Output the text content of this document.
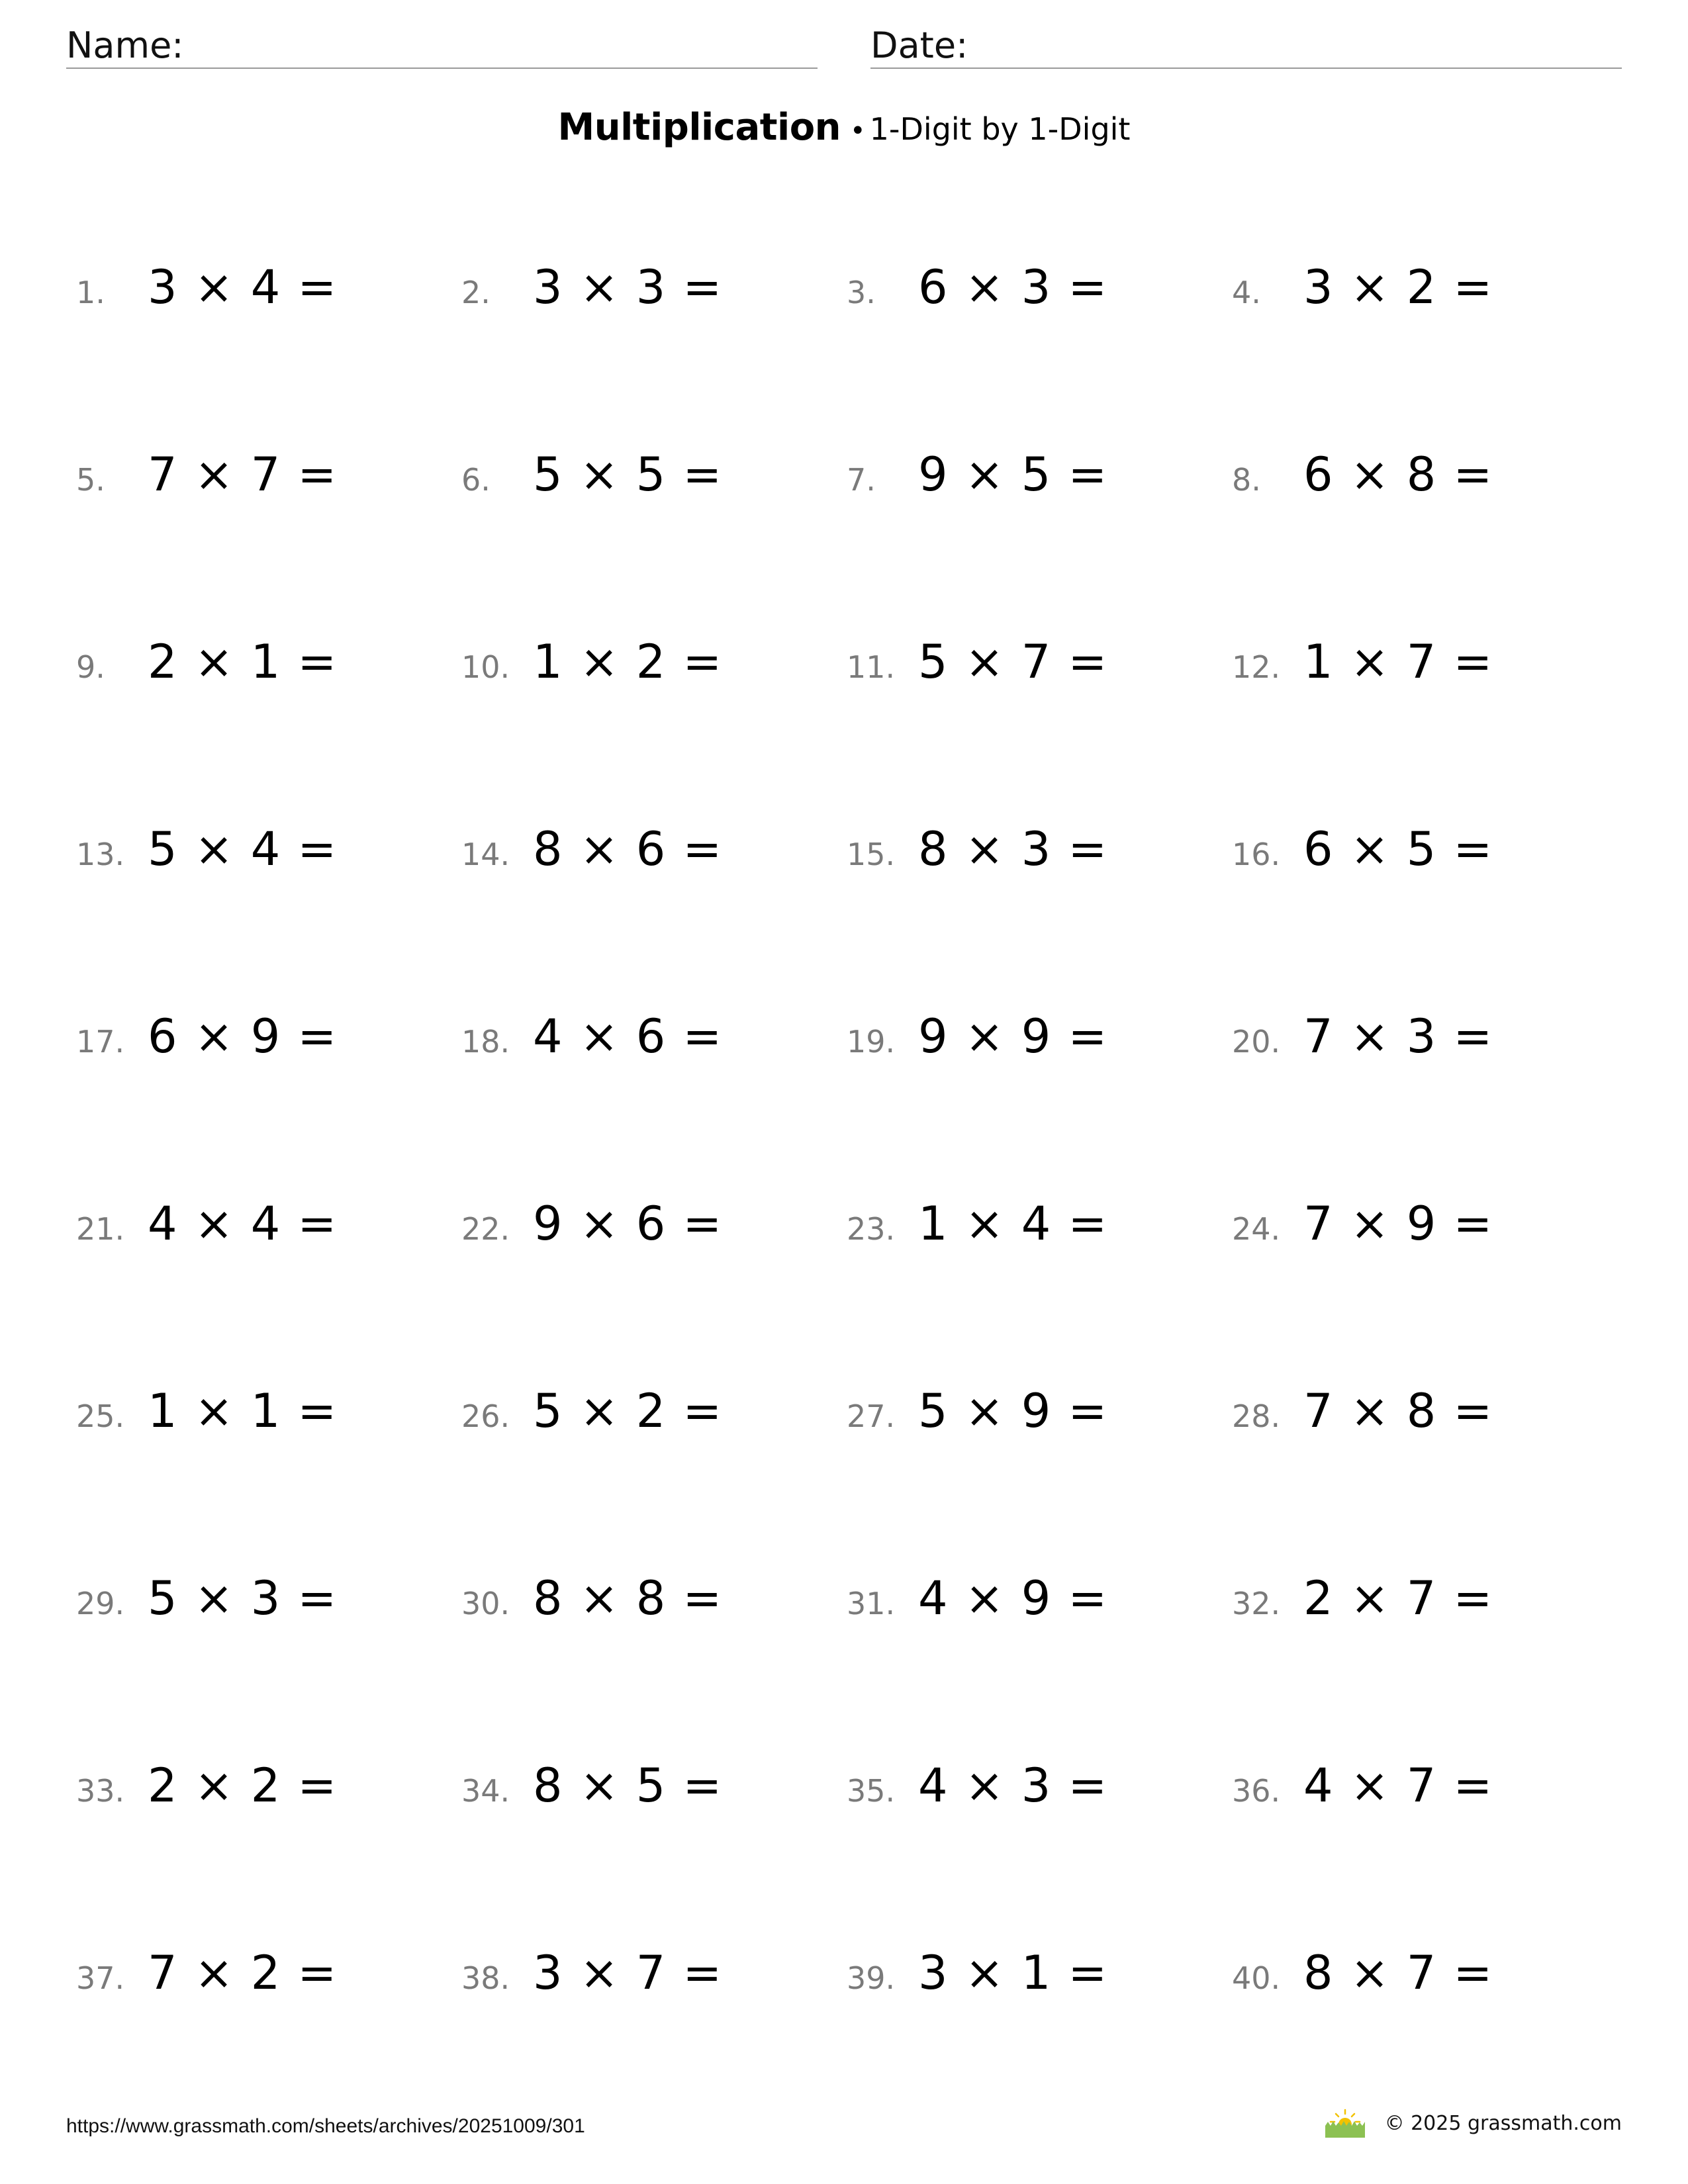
Name:	Date:
Multiplication • 1-Digit by 1-Digit
1. 3 × 4 =	2. 3 × 3 =	3. 6 × 3 =	4. 3 × 2 =
5. 7 × 7 =	6. 5 × 5 =	7. 9 × 5 =	8. 6 × 8 =
9. 2 × 1 =	10. 1 × 2 =	11. 5 × 7 =	12. 1 × 7 =
13. 5 × 4 =	14. 8 × 6 =	15. 8 × 3 =	16. 6 × 5 =
17. 6 × 9 =	18. 4 × 6 =	19. 9 × 9 =	20. 7 × 3 =
21. 4 × 4 =	22. 9 × 6 =	23. 1 × 4 =	24. 7 × 9 =
25. 1 × 1 =	26. 5 × 2 =	27. 5 × 9 =	28. 7 × 8 =
29. 5 × 3 =	30. 8 × 8 =	31. 4 × 9 =	32. 2 × 7 =
33. 2 × 2 =	34. 8 × 5 =	35. 4 × 3 =	36. 4 × 7 =
37. 7 × 2 =	38. 3 × 7 =	39. 3 × 1 =	40. 8 × 7 =
https://www.grassmath.com/sheets/archives/20251009/301	© 2025 grassmath.com
